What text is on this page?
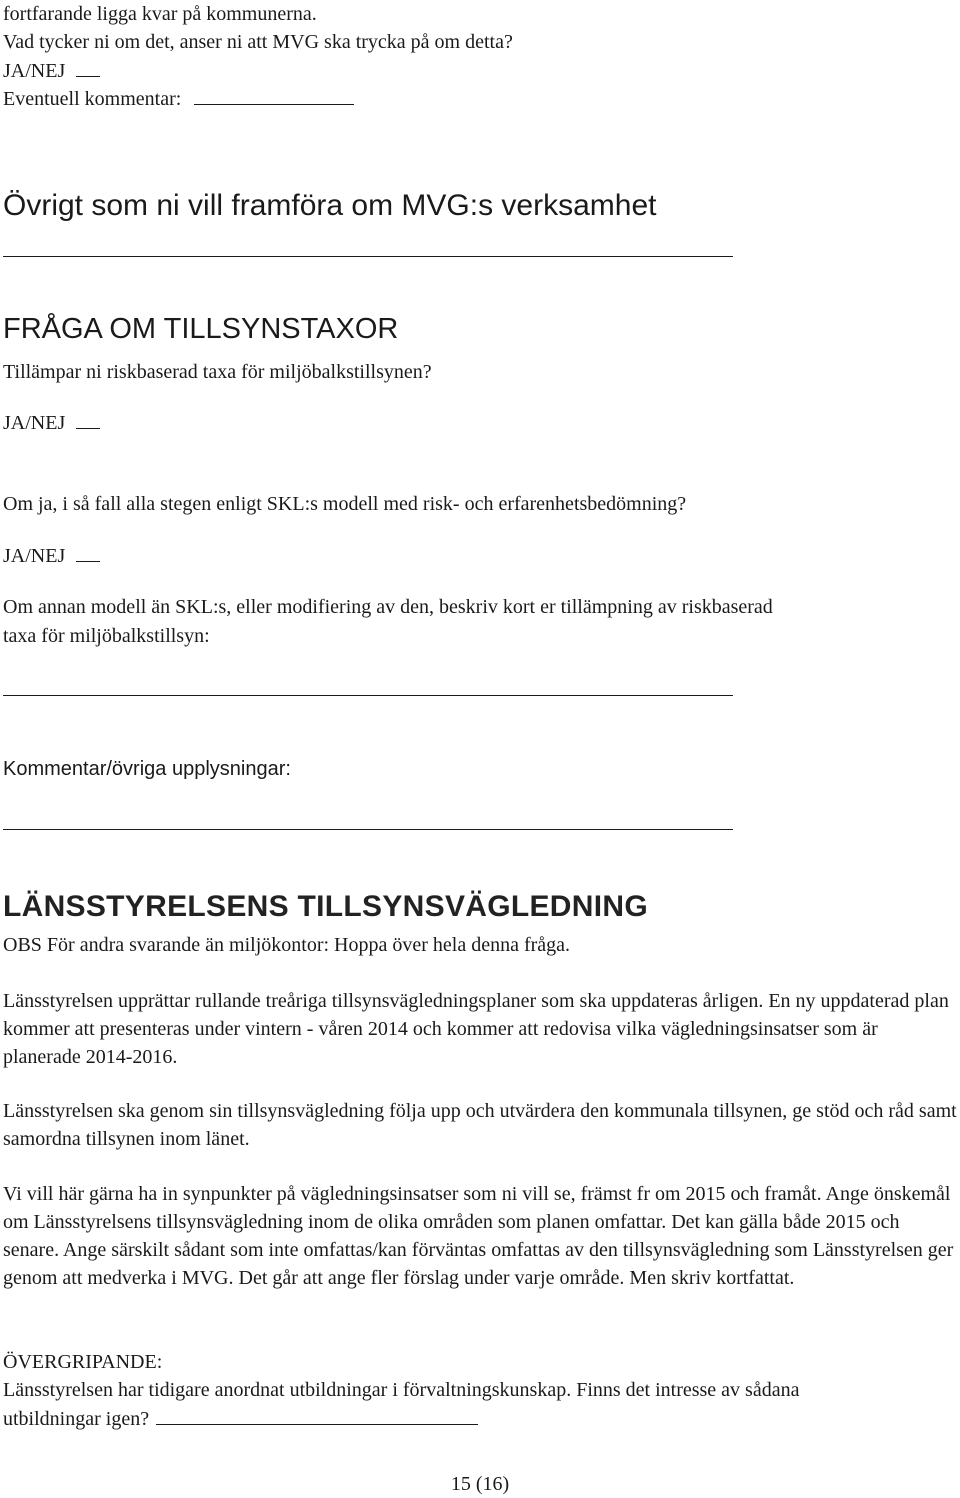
fortfarande ligga kvar på kommunerna.
Vad tycker ni om det, anser ni att MVG ska trycka på om detta?
JA/NEJ
Eventuell kommentar:
Övrigt som ni vill framföra om MVG:s verksamhet
FRÅGA OM TILLSYNSTAXOR
Tillämpar ni riskbaserad taxa för miljöbalkstillsynen?
JA/NEJ
Om ja, i så fall alla stegen enligt SKL:s modell med risk- och erfarenhetsbedömning?
JA/NEJ
Om annan modell än SKL:s, eller modifiering av den, beskriv kort er tillämpning av riskbaserad
taxa för miljöbalkstillsyn:
Kommentar/övriga upplysningar:
LÄNSSTYRELSENS TILLSYNSVÄGLEDNING
OBS För andra svarande än miljökontor: Hoppa över hela denna fråga.
Länsstyrelsen upprättar rullande treåriga tillsynsvägledningsplaner som ska uppdateras årligen. En ny uppdaterad plan kommer att presenteras under vintern - våren 2014 och kommer att redovisa vilka vägledningsinsatser som är planerade 2014-2016.
Länsstyrelsen ska genom sin tillsynsvägledning följa upp och utvärdera den kommunala tillsynen, ge stöd och råd samt samordna tillsynen inom länet.
Vi vill här gärna ha in synpunkter på vägledningsinsatser som ni vill se, främst fr om 2015 och framåt. Ange önskemål om Länsstyrelsens tillsynsvägledning inom de olika områden som planen omfattar. Det kan gälla både 2015 och senare. Ange särskilt sådant som inte omfattas/kan förväntas omfattas av den tillsynsvägledning som Länsstyrelsen ger genom att medverka i MVG. Det går att ange fler förslag under varje område. Men skriv kortfattat.
ÖVERGRIPANDE:
Länsstyrelsen har tidigare anordnat utbildningar i förvaltningskunskap. Finns det intresse av sådana
utbildningar igen?
15 (16)
